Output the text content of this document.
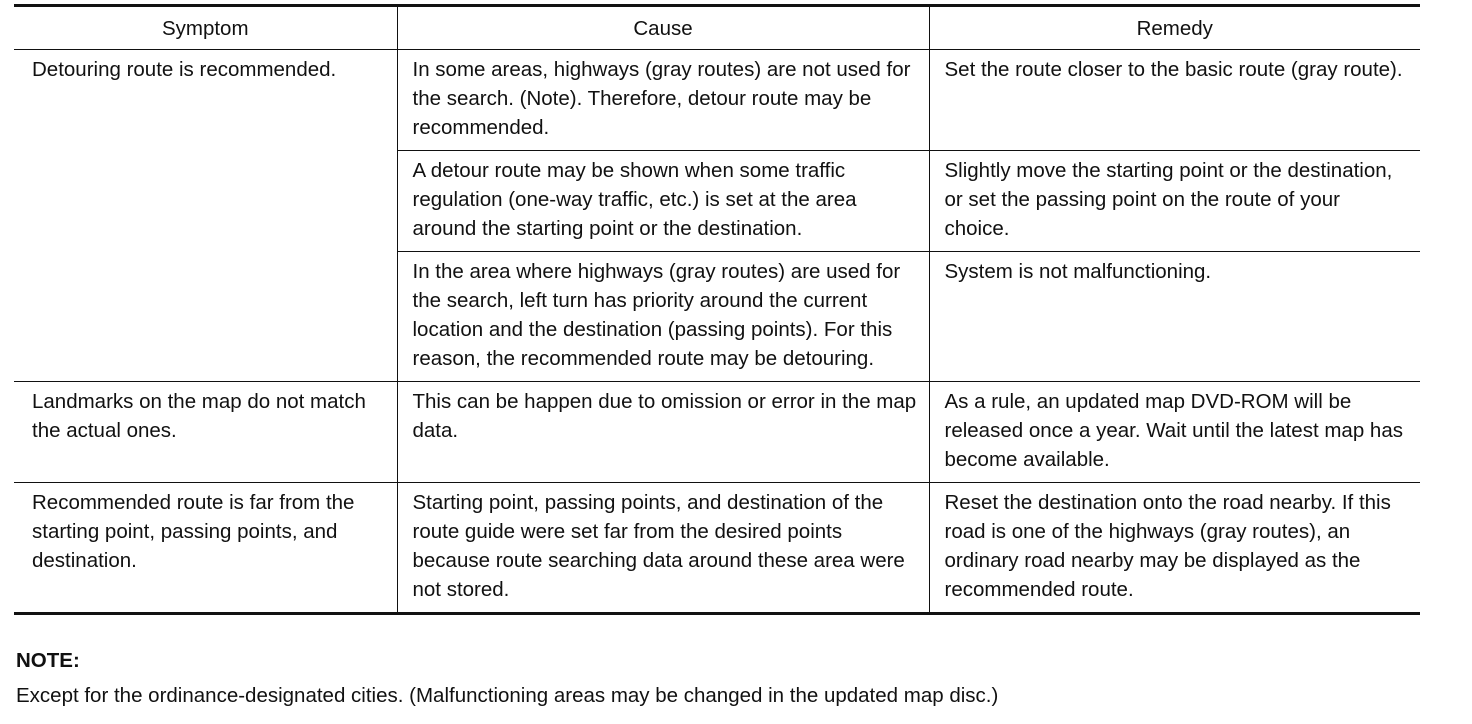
Symptom	Cause	Remedy
Detouring route is recommended.	In some areas, highways (gray routes) are not used for the search. (Note). Therefore, detour route may be recommended.	Set the route closer to the basic route (gray route).
	A detour route may be shown when some traffic regulation (one-way traffic, etc.) is set at the area around the starting point or the destination.	Slightly move the starting point or the destination, or set the passing point on the route of your choice.
	In the area where highways (gray routes) are used for the search, left turn has priority around the current location and the destination (passing points). For this reason, the recommended route may be detouring.	System is not malfunctioning.
Landmarks on the map do not match the actual ones.	This can be happen due to omission or error in the map data.	As a rule, an updated map DVD-ROM will be released once a year. Wait until the latest map has become available.
Recommended route is far from the starting point, passing points, and destination.	Starting point, passing points, and destination of the route guide were set far from the desired points because route searching data around these area were not stored.	Reset the destination onto the road nearby. If this road is one of the highways (gray routes), an ordinary road nearby may be displayed as the recommended route.
NOTE:
Except for the ordinance-designated cities. (Malfunctioning areas may be changed in the updated map disc.)
